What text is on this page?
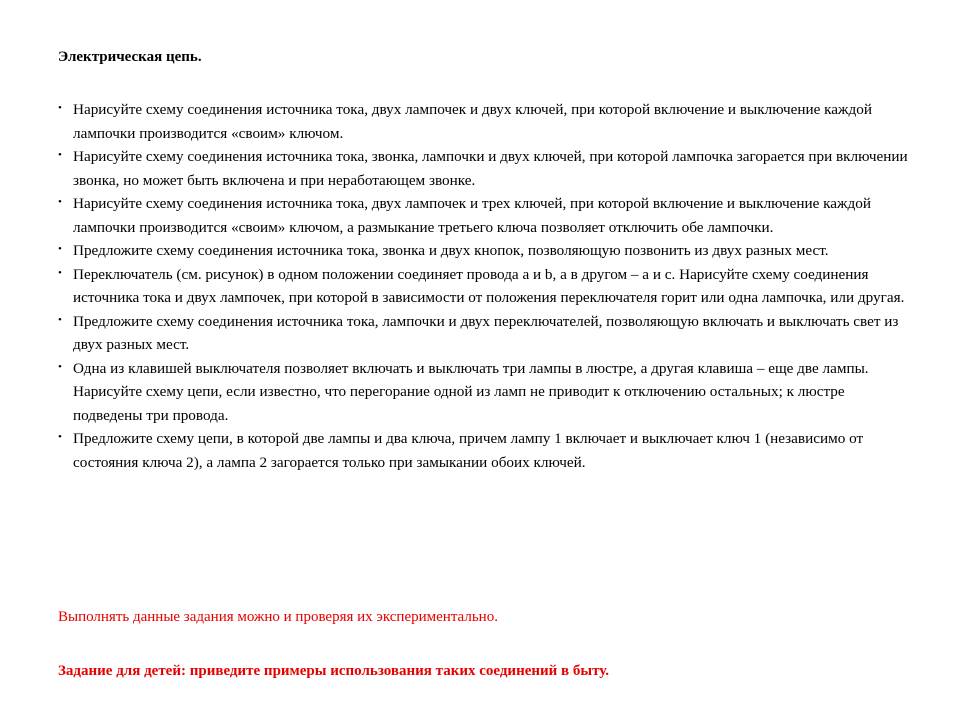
Электрическая цепь.
• Нарисуйте схему соединения источника тока, двух лампочек и двух ключей, при которой включение и выключение каждой лампочки производится «своим» ключом.
• Нарисуйте схему соединения источника тока, звонка, лампочки и двух ключей, при которой лампочка загорается при включении звонка, но может быть включена и при неработающем звонке.
• Нарисуйте схему соединения источника тока, двух лампочек и трех ключей, при которой включение и выключение каждой лампочки производится «своим» ключом, а размыкание третьего ключа позволяет отключить обе лампочки.
• Предложите схему соединения источника тока, звонка и двух кнопок, позволяющую позвонить из двух разных мест.
• Переключатель (см. рисунок) в одном положении соединяет провода a и b, а в другом – а и с. Нарисуйте схему соединения источника тока и двух лампочек, при которой в зависимости от положения переключателя горит или одна лампочка, или другая.
• Предложите схему соединения источника тока, лампочки и двух переключателей, позволяющую включать и выключать свет из двух разных мест.
• Одна из клавишей выключателя позволяет включать и выключать три лампы в люстре, а другая клавиша – еще две лампы. Нарисуйте схему цепи, если известно, что перегорание одной из ламп не приводит к отключению остальных; к люстре подведены три провода.
• Предложите схему цепи, в которой две лампы и два ключа, причем лампу 1 включает и выключает ключ 1 (независимо от состояния ключа 2), а лампа 2 загорается только при замыкании обоих ключей.
Выполнять данные задания можно и проверяя их экспериментально.
Задание для детей: приведите примеры использования таких соединений в быту.
